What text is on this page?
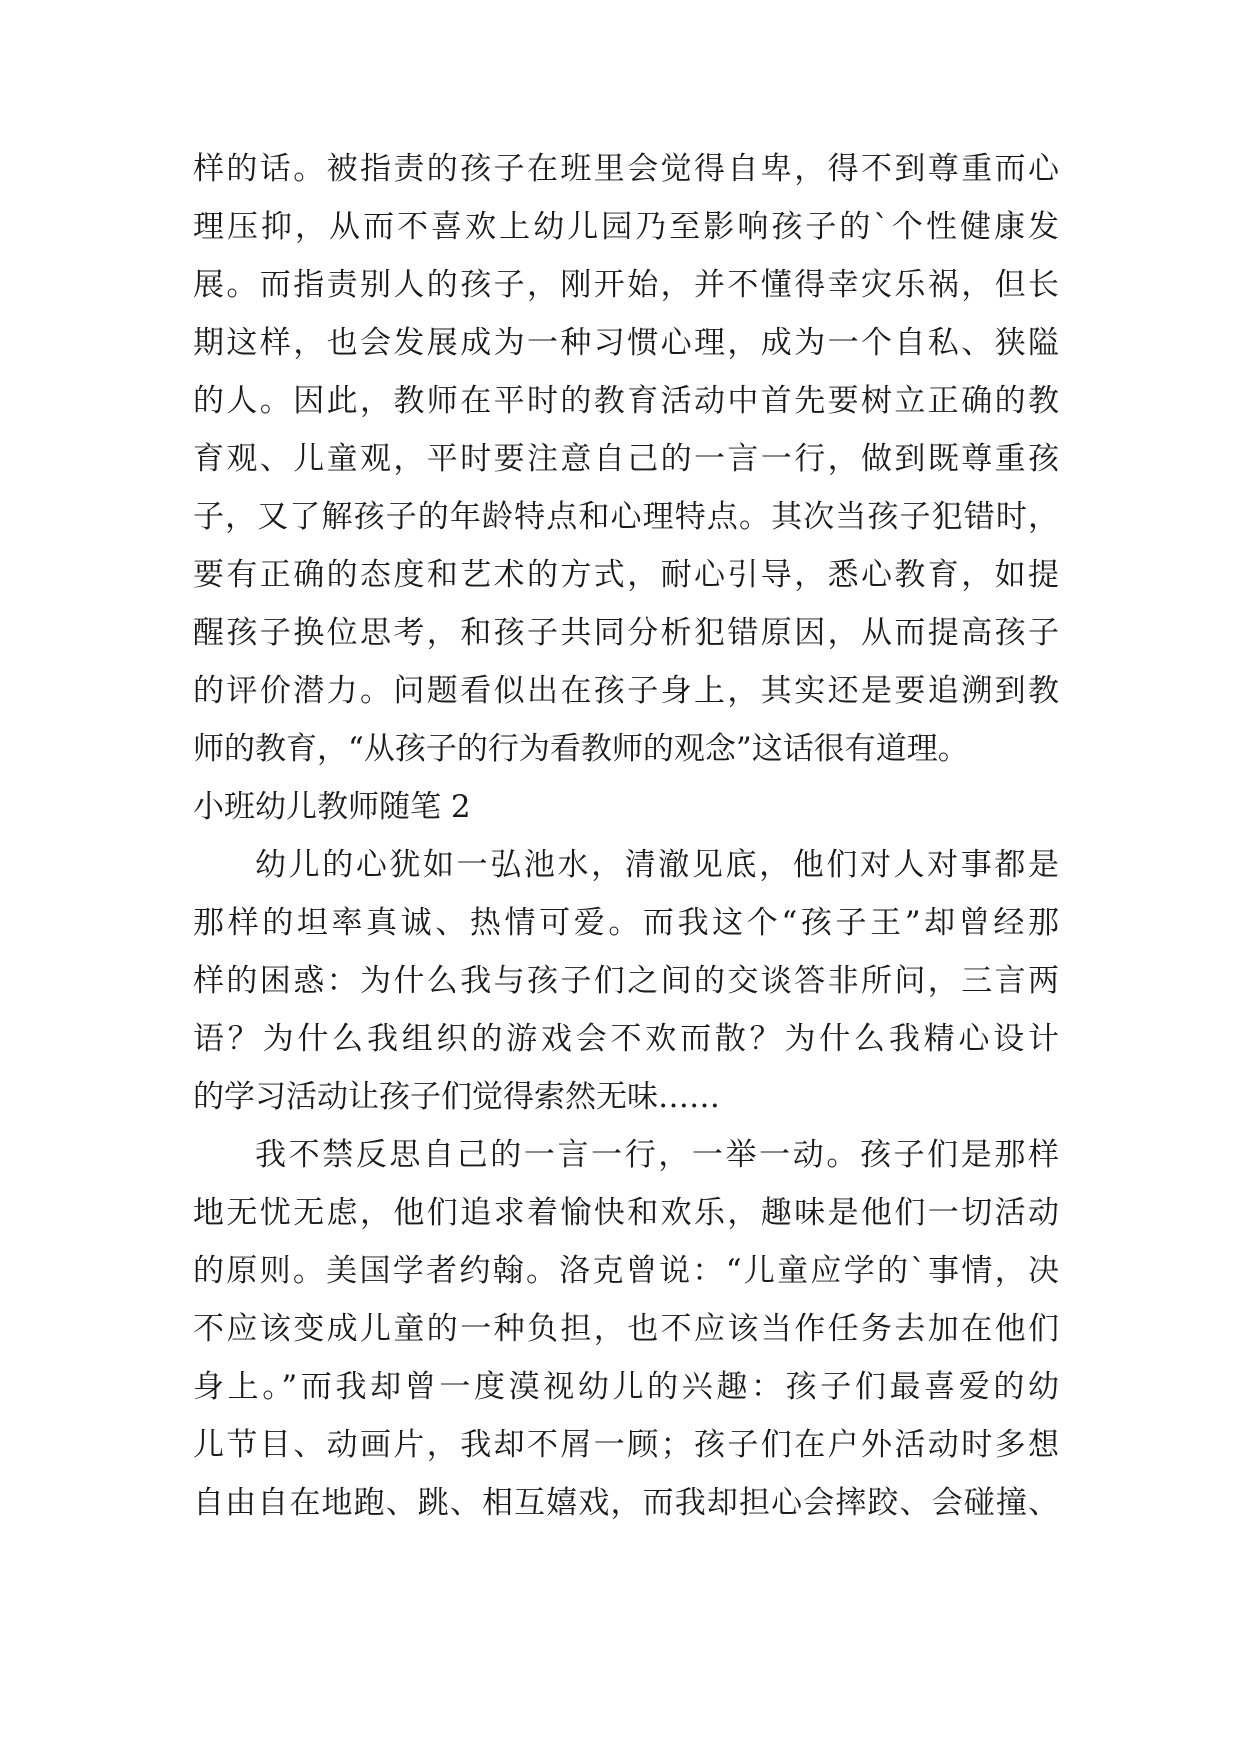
样的话。被指责的孩子在班里会觉得自卑，得不到尊重而心
理压抑，从而不喜欢上幼儿园乃至影响孩子的`个性健康发
展。而指责别人的孩子，刚开始，并不懂得幸灾乐祸，但长
期这样，也会发展成为一种习惯心理，成为一个自私、狭隘
的人。因此，教师在平时的教育活动中首先要树立正确的教
育观、儿童观，平时要注意自己的一言一行，做到既尊重孩
子，又了解孩子的年龄特点和心理特点。其次当孩子犯错时，
要有正确的态度和艺术的方式，耐心引导，悉心教育，如提
醒孩子换位思考，和孩子共同分析犯错原因，从而提高孩子
的评价潜力。问题看似出在孩子身上，其实还是要追溯到教
师的教育，“从孩子的行为看教师的观念”这话很有道理。
小班幼儿教师随笔 2
幼儿的心犹如一弘池水，清澈见底，他们对人对事都是
那样的坦率真诚、热情可爱。而我这个“孩子王”却曾经那
样的困惑：为什么我与孩子们之间的交谈答非所问，三言两
语？为什么我组织的游戏会不欢而散？为什么我精心设计
的学习活动让孩子们觉得索然无味……
我不禁反思自己的一言一行，一举一动。孩子们是那样
地无忧无虑，他们追求着愉快和欢乐，趣味是他们一切活动
的原则。美国学者约翰。洛克曾说：“儿童应学的`事情，决
不应该变成儿童的一种负担，也不应该当作任务去加在他们
身上。”而我却曾一度漠视幼儿的兴趣：孩子们最喜爱的幼
儿节目、动画片，我却不屑一顾；孩子们在户外活动时多想
自由自在地跑、跳、相互嬉戏，而我却担心会摔跤、会碰撞、
